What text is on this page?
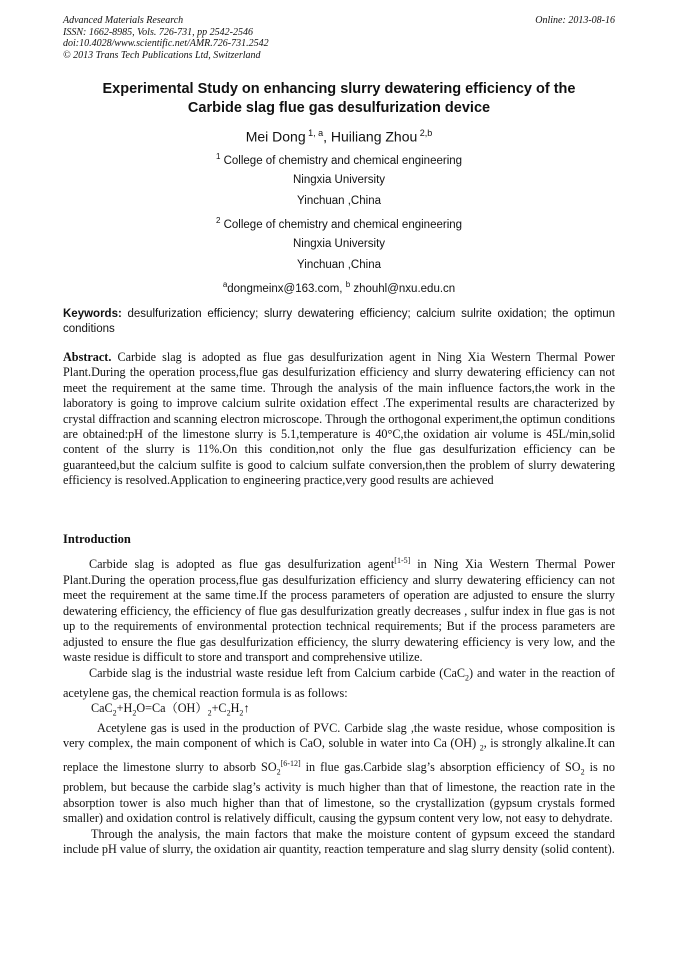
Advanced Materials Research
ISSN: 1662-8985, Vols. 726-731, pp 2542-2546
doi:10.4028/www.scientific.net/AMR.726-731.2542
© 2013 Trans Tech Publications Ltd, Switzerland
Online: 2013-08-16
Experimental Study on enhancing slurry dewatering efficiency of the
Carbide slag flue gas desulfurization device
Mei Dong $^{1, a}$, Huiliang Zhou $^{2,b}$
$^1$ College of chemistry and chemical engineering
Ningxia University
Yinchuan ,China
$^2$ College of chemistry and chemical engineering
Ningxia University
Yinchuan ,China
$^a$dongmeinx@163.com, $^b$ zhouhl@nxu.edu.cn
Keywords: desulfurization efficiency; slurry dewatering efficiency; calcium sulrite oxidation; the optimun conditions
Abstract. Carbide slag is adopted as flue gas desulfurization agent in Ning Xia Western Thermal Power Plant.During the operation process,flue gas desulfurization efficiency and slurry dewatering efficiency can not meet the requirement at the same time. Through the analysis of the main influence factors,the work in the laboratory is going to improve calcium sulrite oxidation effect .The experimental results are characterized by crystal diffraction and scanning electron microscope. Through the orthogonal experiment,the optimun conditions are obtained:pH of the limestone slurry is 5.1,temperature is 40°C,the oxidation air volume is 45L/min,solid content of the slurry is 11%.On this condition,not only the flue gas desulfurization efficiency can be guaranteed,but the calcium sulfite is good to calcium sulfate conversion,then the problem of slurry dewatering efficiency is resolved.Application to engineering practice,very good results are achieved
Introduction

Carbide slag is adopted as flue gas desulfurization agent[1-5] in Ning Xia Western Thermal Power Plant.During the operation process,flue gas desulfurization efficiency and slurry dewatering efficiency can not meet the requirement at the same time.If the process parameters of operation are adjusted to ensure the slurry dewatering efficiency, the efficiency of flue gas desulfurization greatly decreases , sulfur index in flue gas is not up to the requirements of environmental protection technical requirements; But if the process parameters are adjusted to ensure the flue gas desulfurization efficiency, the slurry dewatering efficiency is very low, and the waste residue is difficult to store and transport and comprehensive utilize.

Carbide slag is the industrial waste residue left from Calcium carbide (CaC$_2$) and water in the reaction of acetylene gas, the chemical reaction formula is as follows:

$CaC_2+H_2O=Ca(OH)_2+C_2H_2↑$

Acetylene gas is used in the production of PVC. Carbide slag ,the waste residue, whose composition is very complex, the main component of which is CaO, soluble in water into Ca (OH) $_2$, is strongly alkaline.It can replace the limestone slurry to absorb $SO_2[6-12]$ in flue gas.Carbide slag’s absorption efficiency of $SO_2$ is no problem, but because the carbide slag’s activity is much higher than that of limestone, the reaction rate in the absorption tower is also much higher than that of limestone, so the crystallization (gypsum crystals formed smaller) and oxidation control is relatively difficult, causing the gypsum content very low, not easy to dehydrate.

Through the analysis, the main factors that make the moisture content of gypsum exceed the standard include pH value of slurry, the oxidation air quantity, reaction temperature and slag slurry density (solid content).
